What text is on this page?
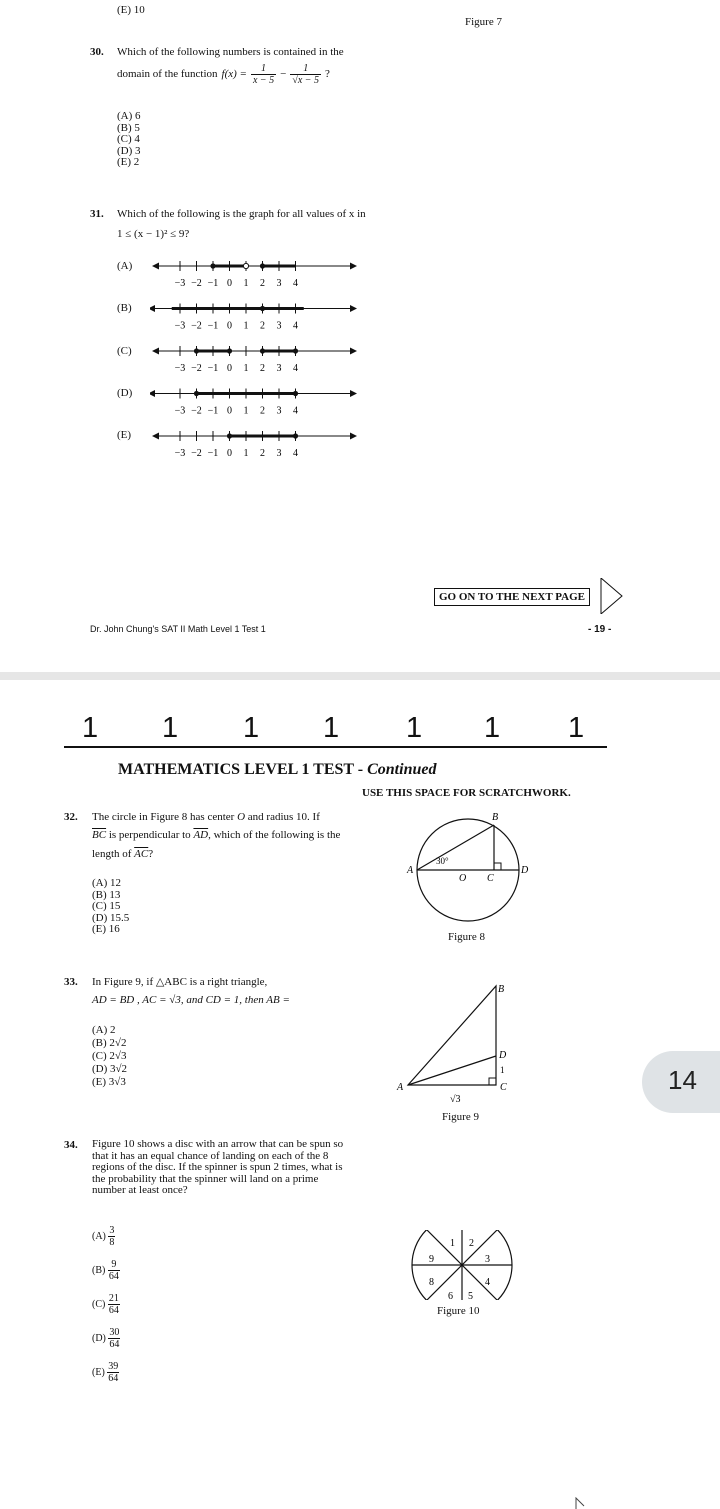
(E) 10
Figure 7
30. Which of the following numbers is contained in the
domain of the function $f(x) = \frac{1}{x - 5} - \frac{1}{√x - 5}$ ?
(A) 6
(B) 5
(C) 4
(D) 3
(E) 2
31. Which of the following is the graph for all values of x in
1 ≤ (x − 1)² ≤ 9?
(A)
(B)
(C)
(D)
(E)
−3 −2 −1 0 1 2 3 4
−3 −2 −1 0 1 2 3 4
−3 −2 −1 0 1 2 3 4
−3 −2 −1 0 1 2 3 4
−3 −2 −1 0 1 2 3 4
GO ON TO THE NEXT PAGE
Dr. John Chung's SAT II Math Level 1 Test 1	- 19 -
1 1 1 1 1 1 1
MATHEMATICS LEVEL 1 TEST - Continued
USE THIS SPACE FOR SCRATCHWORK.
32. The circle in Figure 8 has center O and radius 10. If
$\overline{BC}$ is perpendicular to $\overline{AD}$, which of the following is the
length of $\overline{AC}$?
(A) 12
(B) 13
(C) 15
(D) 15.5
(E) 16
A
B
O C
D
30°
Figure 8
33. In Figure 9, if △ABC is a right triangle,
AD = BD , AC = √3, and CD = 1, then AB =
(A) 2
(B) 2√2
(C) 2√3
(D) 3√2
(E) 3√3	A
B
C
D
1
√3
Figure 9
34. Figure 10 shows a disc with an arrow that can be spun so
that it has an equal chance of landing on each of the 8
regions of the disc. If the spinner is spun 2 times, what is
the probability that the spinner will land on a prime
number at least once?
$(A) \frac{3}{8}$
$(B) \frac{9}{64}$
$(C) \frac{21}{64}$
$(D) \frac{30}{64}$
$(E) \frac{39}{64}$
1 2
3
4
5
6
8
9
Figure 10
14
